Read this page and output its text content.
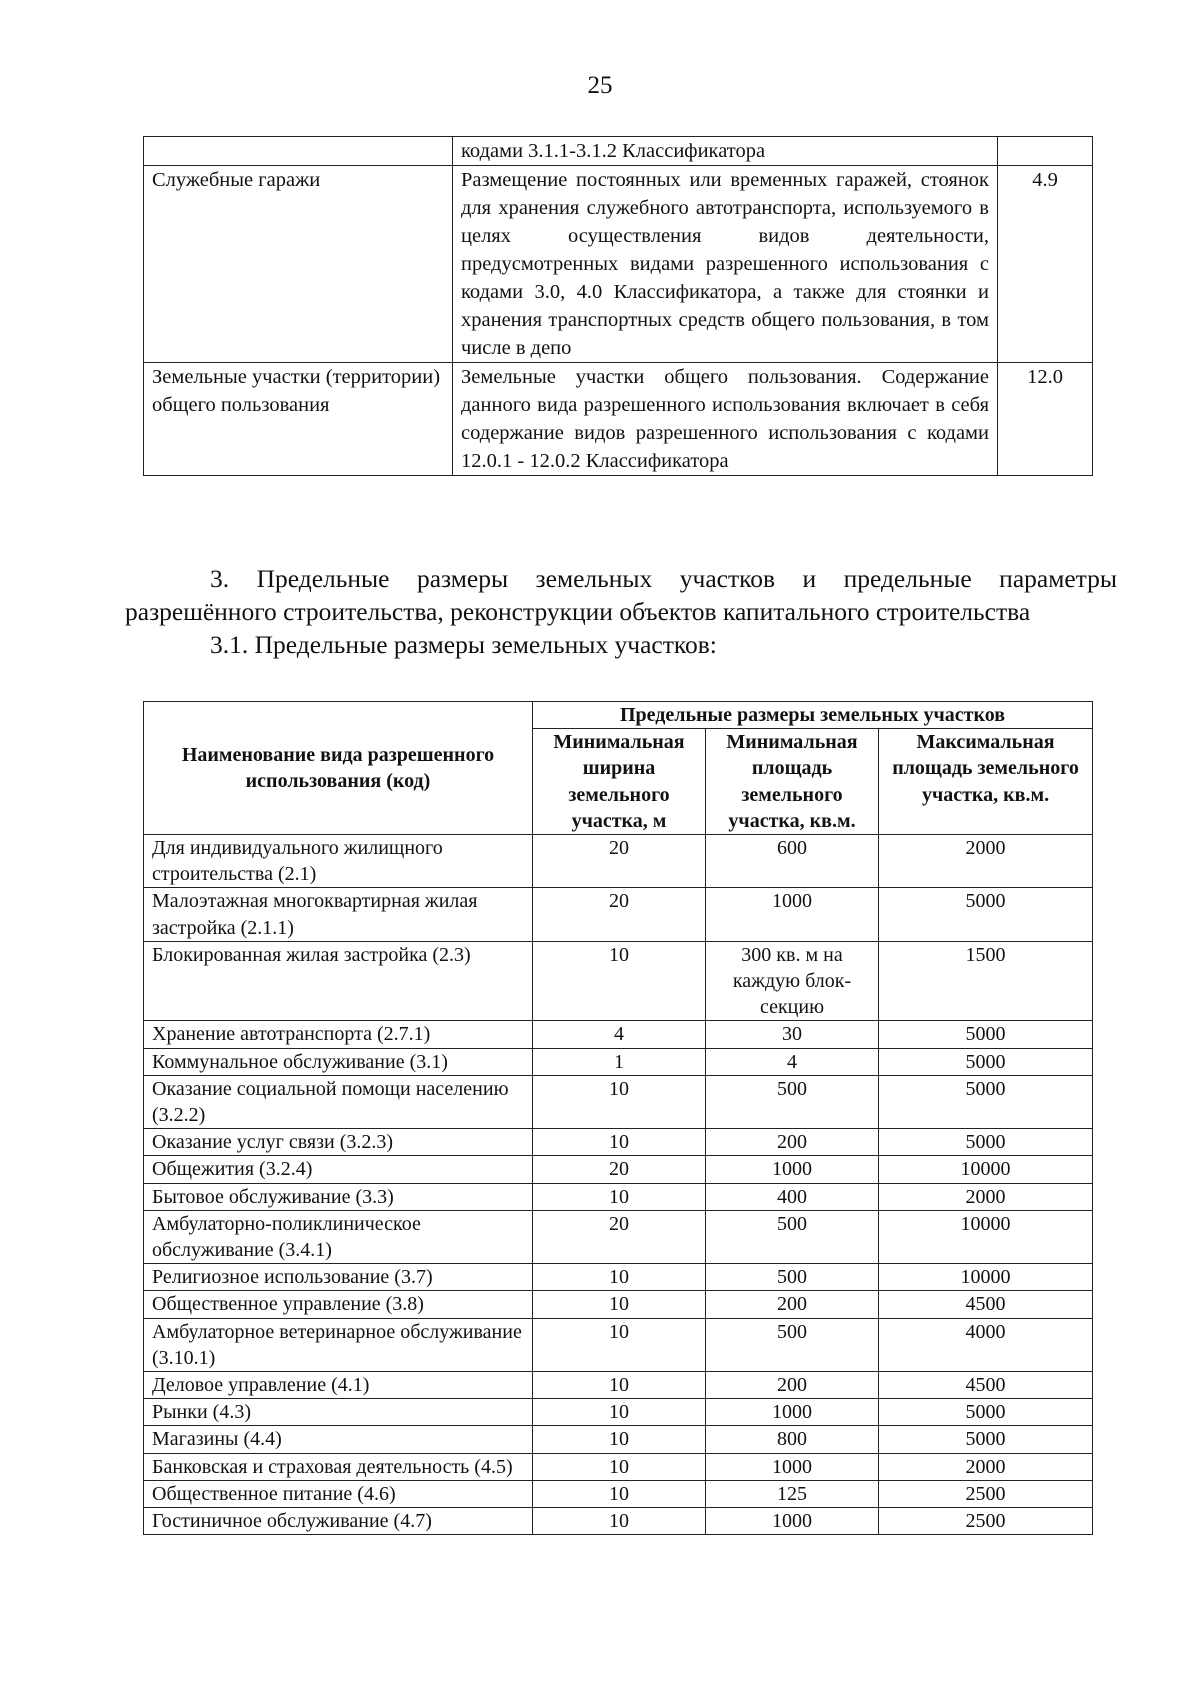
25
	кодами 3.1.1-3.1.2 Классификатора	
Служебные гаражи	Размещение постоянных или временных гаражей, стоянок для хранения служебного автотранспорта, используемого в целях осуществления видов деятельности, предусмотренных видами разрешенного использования с кодами 3.0, 4.0 Классификатора, а также для стоянки и хранения транспортных средств общего пользования, в том числе в депо	4.9
Земельные участки (территории) общего пользования	Земельные участки общего пользования. Содержание данного вида разрешенного использования включает в себя содержание видов разрешенного использования с кодами 12.0.1 - 12.0.2 Классификатора	12.0

3. Предельные размеры земельных участков и предельные параметры разрешённого строительства, реконструкции объектов капитального строительства

3.1. Предельные размеры земельных участков:

Наименование вида разрешенного использования (код)	Предельные размеры земельных участков		
	Минимальная ширина земельного участка, м	Минимальная площадь земельного участка, кв.м.	Максимальная площадь земельного участка, кв.м.
Для индивидуального жилищного строительства (2.1)	20	600	2000
Малоэтажная многоквартирная жилая застройка (2.1.1)	20	1000	5000
Блокированная жилая застройка (2.3)	10	300 кв. м на каждую блок-секцию	1500
Хранение автотранспорта (2.7.1)	4	30	5000
Коммунальное обслуживание (3.1)	1	4	5000
Оказание социальной помощи населению (3.2.2)	10	500	5000
Оказание услуг связи (3.2.3)	10	200	5000
Общежития (3.2.4)	20	1000	10000
Бытовое обслуживание (3.3)	10	400	2000
Амбулаторно-поликлиническое обслуживание (3.4.1)	20	500	10000
Религиозное использование (3.7)	10	500	10000
Общественное управление (3.8)	10	200	4500
Амбулаторное ветеринарное обслуживание (3.10.1)	10	500	4000
Деловое управление (4.1)	10	200	4500
Рынки (4.3)	10	1000	5000
Магазины (4.4)	10	800	5000
Банковская и страховая деятельность (4.5)	10	1000	2000
Общественное питание (4.6)	10	125	2500
Гостиничное обслуживание (4.7)	10	1000	2500
